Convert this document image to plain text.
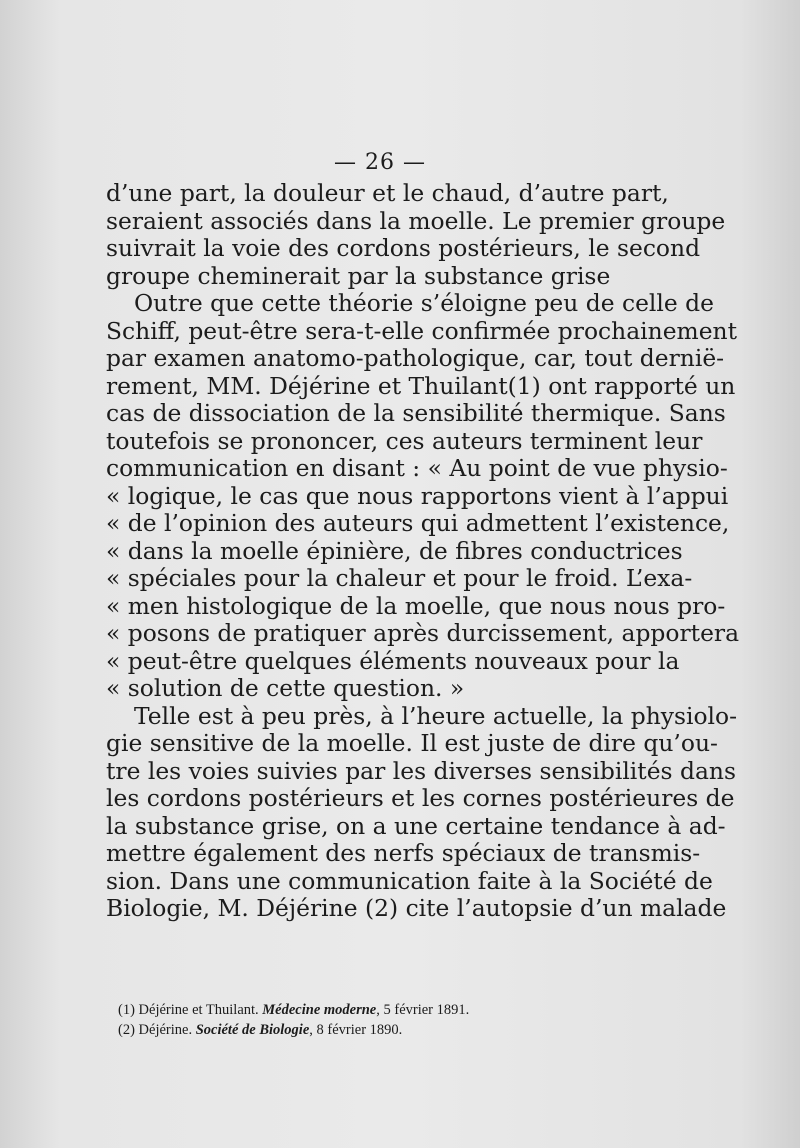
— 26 —
d’une part, la douleur et le chaud, d’autre part,
seraient associés dans la moelle. Le premier groupe
suivrait la voie des cordons postérieurs, le second
groupe cheminerait par la substance grise
Outre que cette théorie s’éloigne peu de celle de
Schiff, peut-être sera-t-elle confirmée prochainement
par examen anatomo-pathologique, car, tout dernië-
rement, MM. Déjérine et Thuilant(1) ont rapporté un
cas de dissociation de la sensibilité thermique. Sans
toutefois se prononcer, ces auteurs terminent leur
communication en disant : « Au point de vue physio-
« logique, le cas que nous rapportons vient à l’appui
« de l’opinion des auteurs qui admettent l’existence,
« dans la moelle épinière, de fibres conductrices
« spéciales pour la chaleur et pour le froid. L’exa-
« men histologique de la moelle, que nous nous pro-
« posons de pratiquer après durcissement, apportera
« peut-être quelques éléments nouveaux pour la
« solution de cette question. »
Telle est à peu près, à l’heure actuelle, la physiolo-
gie sensitive de la moelle. Il est juste de dire qu’ou-
tre les voies suivies par les diverses sensibilités dans
les cordons postérieurs et les cornes postérieures de
la substance grise, on a une certaine tendance à ad-
mettre également des nerfs spéciaux de transmis-
sion. Dans une communication faite à la Société de
Biologie, M. Déjérine (2) cite l’autopsie d’un malade
(1) Déjérine et Thuilant. Médecine moderne, 5 février 1891.
(2) Déjérine. Société de Biologie, 8 février 1890.
